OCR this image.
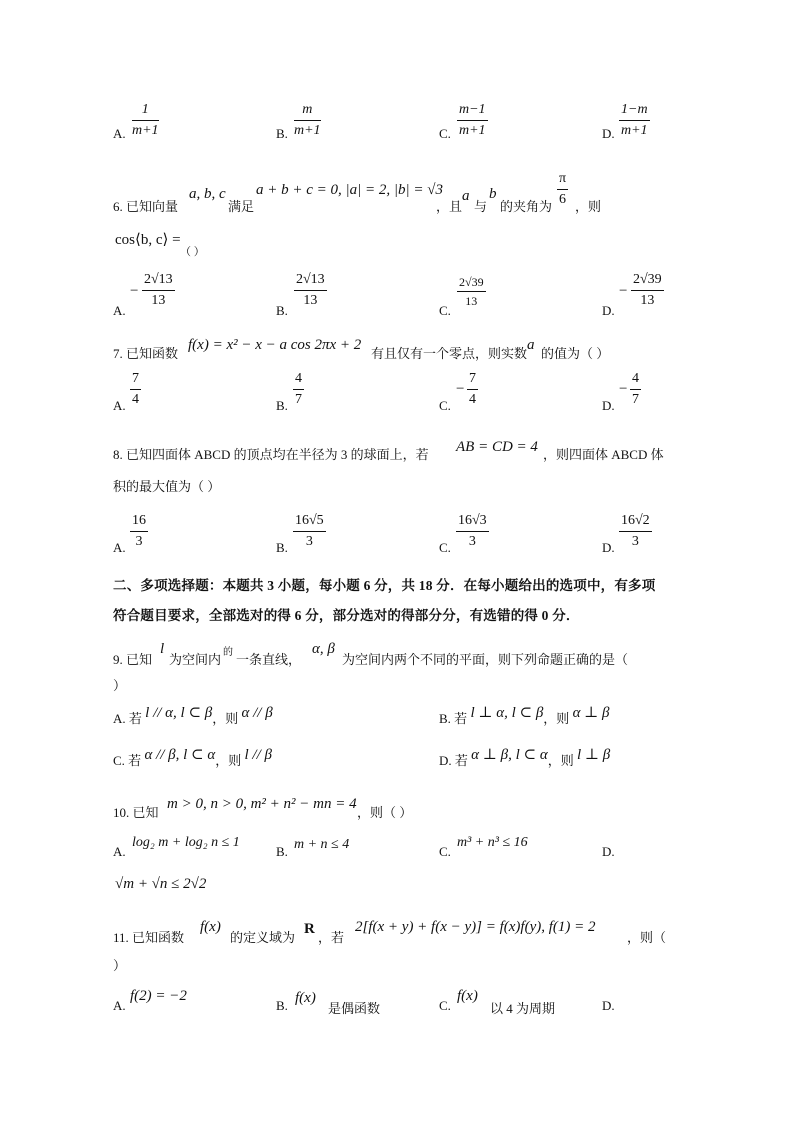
A. $\frac{1}{m+1}$	B. $\frac{m}{m+1}$	C. $\frac{m-1}{m+1}$	D. $\frac{1-m}{m+1}$
6. 已知向量
a, b, c
满足
a + b + c = 0, |a| = 2, |b| = √3
，且
a
与
b
的夹角为 $\frac{\pi}{6}$ ，则
cos⟨b, c⟩ =
（ ）
A.
− $\frac{2√13}{13}$
B.
$\frac{2√13}{13}$
C.
$\frac{2√39}{13}$
D.
− $\frac{2√39}{13}$
7. 已知函数
f(x) = x² − x − a cos 2πx + 2
有且仅有一个零点，则实数
a
的值为（ ）
A. $\frac{7}{4}$	B. $\frac{4}{7}$	C.
− $\frac{7}{4}$	D.
− $\frac{4}{7}$
8. 已知四面体 ABCD 的顶点均在半径为 3 的球面上，若 AB = CD = 4 ，则四面体 ABCD 体
积的最大值为（ ）
A. $\frac{16}{3}$	B. $\frac{16√5}{3}$	C. $\frac{16√3}{3}$	D. $\frac{16√2}{3}$
二、多项选择题：本题共 3 小题，每小题 6 分，共 18 分．在每小题给出的选项中，有多项
符合题目要求，全部选对的得 6 分，部分选对的得部分分，有选错的得 0 分．
9. 已知
l
为空间内 的 一条直线，
α, β
为空间内两个不同的平面，则下列命题正确的是（
）
A. 若 l // α, l ⊂ β，则 α // β	B. 若 l ⊥ α, l ⊂ β，则 α ⊥ β
C. 若 α // β, l ⊂ α，则 l // β	D. 若 α ⊥ β, l ⊂ α，则 l ⊥ β
10. 已知
m > 0, n > 0, m² + n² − mn = 4
，则（ ）
A.
log₂ m + log₂ n ≤ 1
B. m + n ≤ 4	C.
m³ + n³ ≤ 16
D.
√m + √n ≤ 2√2
11. 已知函数
f(x)
的定义域为
R
，若
2[f(x + y) + f(x − y)] = f(x)f(y), f(1) = 2
，则（
）
A.
f(2) = −2
B. f(x)
是偶函数	C.
f(x)
以 4 为周期	D.
